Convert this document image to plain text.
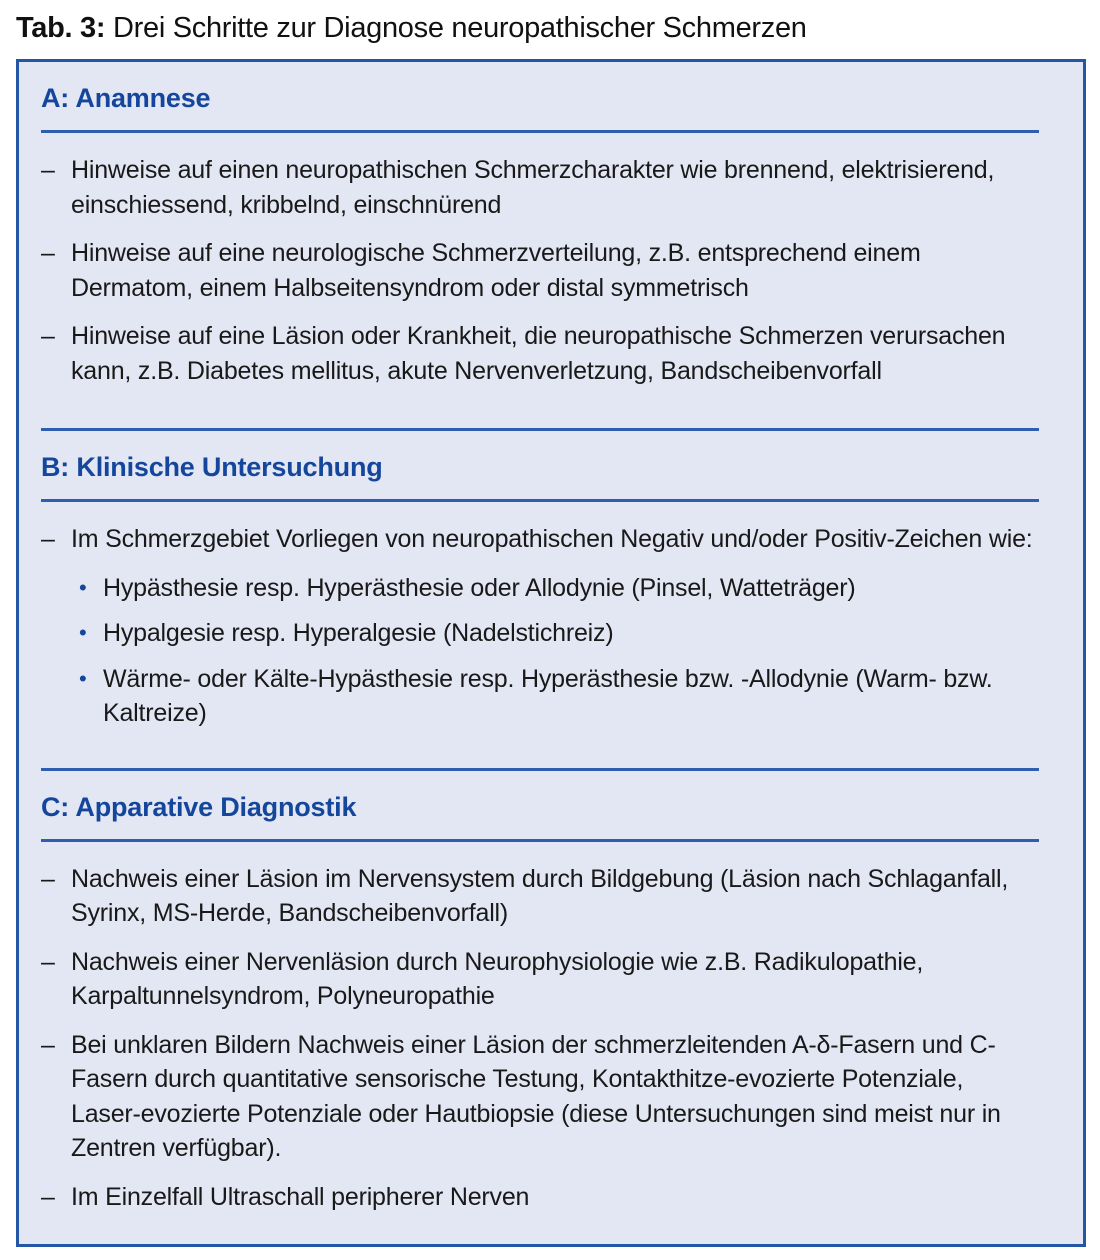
Tab. 3: Drei Schritte zur Diagnose neuropathischer Schmerzen
A: Anamnese
– Hinweise auf einen neuropathischen Schmerzcharakter wie brennend, elektrisierend, einschiessend, kribbelnd, einschnürend
– Hinweise auf eine neurologische Schmerzverteilung, z.B. entsprechend einem Dermatom, einem Halbseitensyndrom oder distal symmetrisch
– Hinweise auf eine Läsion oder Krankheit, die neuropathische Schmerzen verursachen kann, z.B. Diabetes mellitus, akute Nervenverletzung, Bandscheibenvorfall
B: Klinische Untersuchung
– Im Schmerzgebiet Vorliegen von neuropathischen Negativ und/oder Positiv-Zeichen wie:
• Hypästhesie resp. Hyperästhesie oder Allodynie (Pinsel, Watteträger)
• Hypalgesie resp. Hyperalgesie (Nadelstichreiz)
• Wärme- oder Kälte-Hypästhesie resp. Hyperästhesie bzw. -Allodynie (Warm- bzw. Kaltreize)
C: Apparative Diagnostik
– Nachweis einer Läsion im Nervensystem durch Bildgebung (Läsion nach Schlaganfall, Syrinx, MS-Herde, Bandscheibenvorfall)
– Nachweis einer Nervenläsion durch Neurophysiologie wie z.B. Radikulopathie, Karpaltunnelsyndrom, Polyneuropathie
– Bei unklaren Bildern Nachweis einer Läsion der schmerzleitenden A-δ-Fasern und C-Fasern durch quantitative sensorische Testung, Kontakthitze-evozierte Potenziale, Laser-evozierte Potenziale oder Hautbiopsie (diese Untersuchungen sind meist nur in Zentren verfügbar).
– Im Einzelfall Ultraschall peripherer Nerven
